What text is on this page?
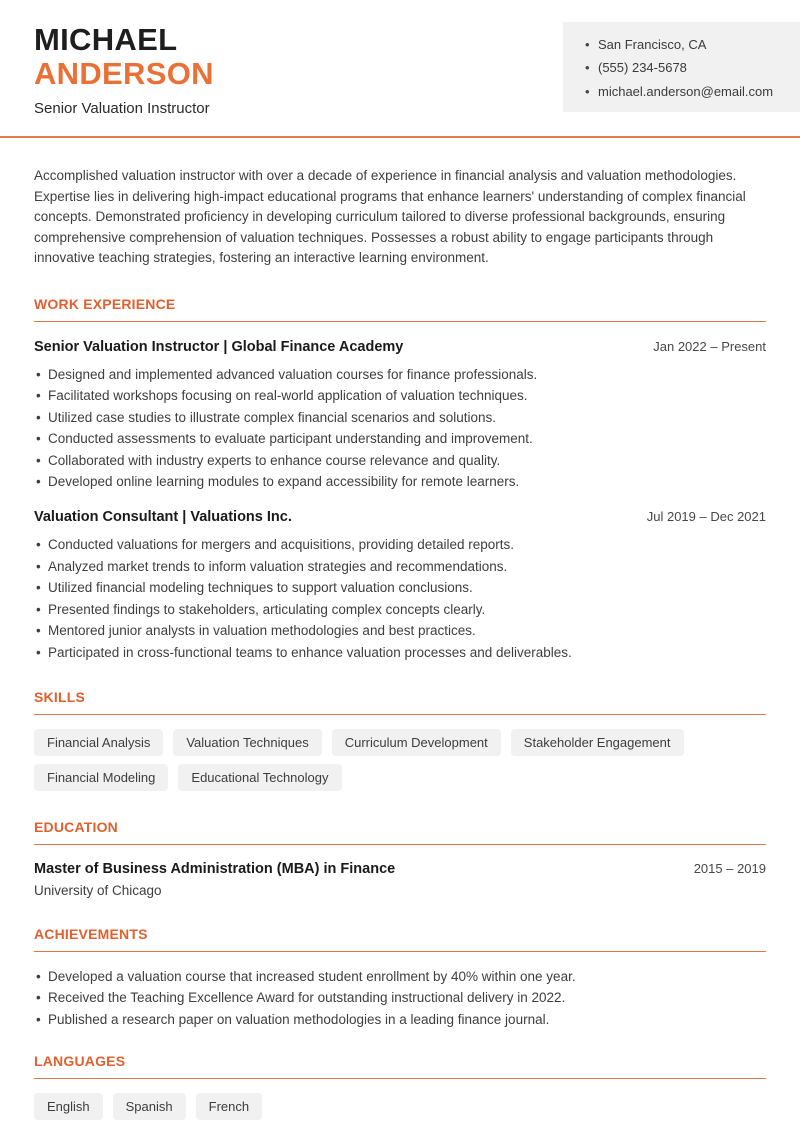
MICHAEL
ANDERSON
Senior Valuation Instructor
• San Francisco, CA
• (555) 234-5678
• michael.anderson@email.com

Accomplished valuation instructor with over a decade of experience in financial analysis and valuation methodologies. Expertise lies in delivering high-impact educational programs that enhance learners' understanding of complex financial concepts. Demonstrated proficiency in developing curriculum tailored to diverse professional backgrounds, ensuring comprehensive comprehension of valuation techniques. Possesses a robust ability to engage participants through innovative teaching strategies, fostering an interactive learning environment.

WORK EXPERIENCE
Senior Valuation Instructor | Global Finance Academy	Jan 2022 – Present
• Designed and implemented advanced valuation courses for finance professionals.
• Facilitated workshops focusing on real-world application of valuation techniques.
• Utilized case studies to illustrate complex financial scenarios and solutions.
• Conducted assessments to evaluate participant understanding and improvement.
• Collaborated with industry experts to enhance course relevance and quality.
• Developed online learning modules to expand accessibility for remote learners.
Valuation Consultant | Valuations Inc.	Jul 2019 – Dec 2021
• Conducted valuations for mergers and acquisitions, providing detailed reports.
• Analyzed market trends to inform valuation strategies and recommendations.
• Utilized financial modeling techniques to support valuation conclusions.
• Presented findings to stakeholders, articulating complex concepts clearly.
• Mentored junior analysts in valuation methodologies and best practices.
• Participated in cross-functional teams to enhance valuation processes and deliverables.
SKILLS
Financial Analysis	Valuation Techniques	Curriculum Development	Stakeholder Engagement
Financial Modeling	Educational Technology
EDUCATION
Master of Business Administration (MBA) in Finance	2015 – 2019
University of Chicago
ACHIEVEMENTS
• Developed a valuation course that increased student enrollment by 40% within one year.
• Received the Teaching Excellence Award for outstanding instructional delivery in 2022.
• Published a research paper on valuation methodologies in a leading finance journal.
LANGUAGES
English	Spanish	French
